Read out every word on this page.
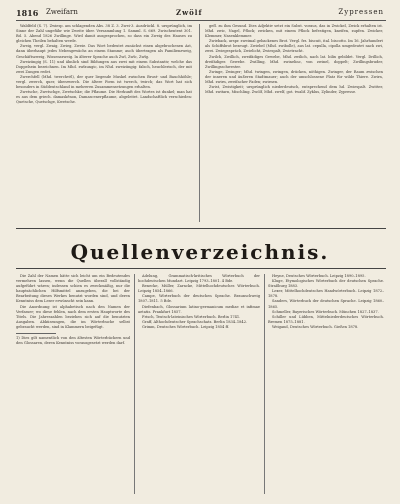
1816 Zweifarn	Zwölf	Zypressen

Waldfeld (S. 7). Zwiesp. am schlagenden Abs. 38 Z. 3. Zwei-3. Ausdrückl. 8. ursprünglich, im Sinne der Zahl ungefähr wie Zweite über. Versammlung 1. Samml. S. 669. Zwischentext 301. Bd. 5. Abend 1826 Zwillinge. Wird damit ausgesprochen, so dass ein Zweig des Hauses zu gleichen Theilen behalten werde.

Zweig, vergl. Zwaig, Zwieg, Zweie. Das Wort bedeutet zunächst einen abgebrochenen Ast, dann überhaupt jedes Nebengewächs an einem Stamme; auch übertragen als Familienzweig, Geschäftszweig, Wissenszweig. In älterer Sprache auch Zwî, Zwîc, Zwîg.

Zweizüngig (S. 11) und ähnlich sind Bildungen aus zwei mit einem Substantiv, welche das Doppelsein bezeichnen. Im Mhd. zwîzungic, im Nhd. zweizüngig: falsch, heuchlerisch, der mit zwei Zungen redet.

Zwerchfell (Mhd. twerchvël), der quer liegende Muskel zwischen Brust- und Bauchhöhle; vergl. zwerch, quer, überzwerch. Die ältere Form ist twerch, twirch; das Wort hat sich besonders in Süddeutschland in mehreren Zusammensetzungen erhalten.

Zwetsche, Zwetschge, Zwetschke; die Pflaume. Die Herkunft des Wortes ist dunkel; man hat es aus dem griech. damaskênon, Damascenerpflaume, abgeleitet. Landschaftlich verschieden: Quetsche, Quetschge, Kwetsche.

gefl. zu ihm Gesund. Dies Adjektiv setzt ein Subst. voraus, das in Zwickel, Zwick erhalten ist. Mhd. zwic, Nagel, Pflock; zwicken, mit einem Pflock befestigen, kneifen, zupfen. Zwicker, Klemmer, Nasenklemmer.

Zwieback, urspr. zweimal gebackenes Brot. Vergl. frz. biscuit, ital. biscotto. Im 16. Jahrhundert als Schiffsbrot bezeugt. Zwiebel (Mhd. zwibolle), aus lat. cepulla, cipolla umgedeutet nach zwi, zwei. Zwiegespräch, Zwielicht, Zwiespalt, Zwietracht.

Zwilch, Zwillich, zweifädiges Gewebe, Mhd. zwilich, nach lat. bilix gebildet. Vergl. Drillich, dreifädiges Gewebe. Zwilling, Mhd. zwinelinc, von zwinel, doppelt; Zwillingsbruder, Zwillingsschwester.

Zwinge, Zwinger; Mhd. twingen, zwingen, drücken, nöthigen. Zwinger, der Raum zwischen der inneren und äußeren Stadtmauer; auch der umschlossene Platz für wilde Thiere. Zwirn, Mhd. zwirn, zweifacher Faden; zwirnen.

Zwist, Zwistigkeit; ursprünglich niederdeutsch, entsprechend dem hd. Zwiespalt. Zwitter, Mhd. zwitarn, Mischling. Zwölf, Mhd. zwelf, got. twalif. Zyklus, Zylinder, Zypresse.

Quellenverzeichnis.

Die Zahl der Namen hätte sich leicht um ein Bedeutendes vermehren lassen, wenn die Quellen überall vollständig aufgeführt wären; indessen schien es zweckmäßig, nur die hauptsächlichen Hilfsmittel anzugeben, die bei der Bearbeitung dieses Werkes benutzt worden sind, und deren Kenntniss dem Leser erwünscht sein kann.

Die Anordnung ist alphabetisch nach den Namen der Verfasser; wo diese fehlen, nach dem ersten Hauptworte des Titels. Die Jahreszahlen beziehen sich auf die benutzten Ausgaben. Abkürzungen, die im Wörterbuche selbst gebraucht werden, sind in Klammern beigefügt.

1) Dies gilt namentlich von den ältesten Wörterbüchern und den Glossaren, deren Kenntniss vorausgesetzt werden darf.

Adelung, Grammatisch-kritisches Wörterbuch der hochdeutschen Mundart. Leipzig 1793–1801. 4 Bde.

Benecke, Müller, Zarncke, Mittelhochdeutsches Wörterbuch. Leipzig 1854–1866.

Campe, Wörterbuch der deutschen Sprache. Braunschweig 1807–1811. 5 Bde.

Diefenbach, Glossarium latino-germanicum mediae et infimae aetatis. Frankfurt 1857.

Frisch, Teutsch-lateinisches Wörterbuch. Berlin 1741.

Graff, Althochdeutscher Sprachschatz. Berlin 1834–1842.

Grimm, Deutsches Wörterbuch. Leipzig 1854 ff.

Heyne, Deutsches Wörterbuch. Leipzig 1890–1895.

Kluge, Etymologisches Wörterbuch der deutschen Sprache. Straßburg 1883.

Lexer, Mittelhochdeutsches Handwörterbuch. Leipzig 1872–1878.

Sanders, Wörterbuch der deutschen Sprache. Leipzig 1860–1865.

Schmeller, Bayerisches Wörterbuch. München 1827–1837.

Schiller und Lübben, Mittelniederdeutsches Wörterbuch. Bremen 1875–1881.

Weigand, Deutsches Wörterbuch. Gießen 1878.
